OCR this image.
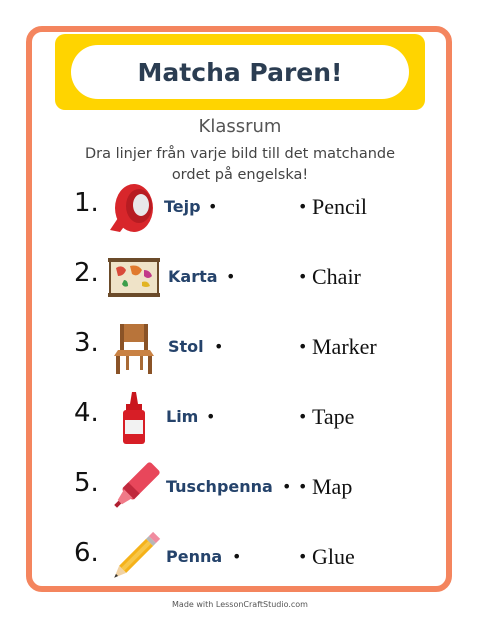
Matcha Paren!
Klassrum
Dra linjer från varje bild till det matchande ordet på engelska!
1.	Tejp •	• Pencil
2.	Karta •	• Chair
3.	Stol •	• Marker
4.	Lim •	• Tape
5.	Tuschpenna • • Map
6.	Penna •	• Glue
Made with LessonCraftStudio.com
